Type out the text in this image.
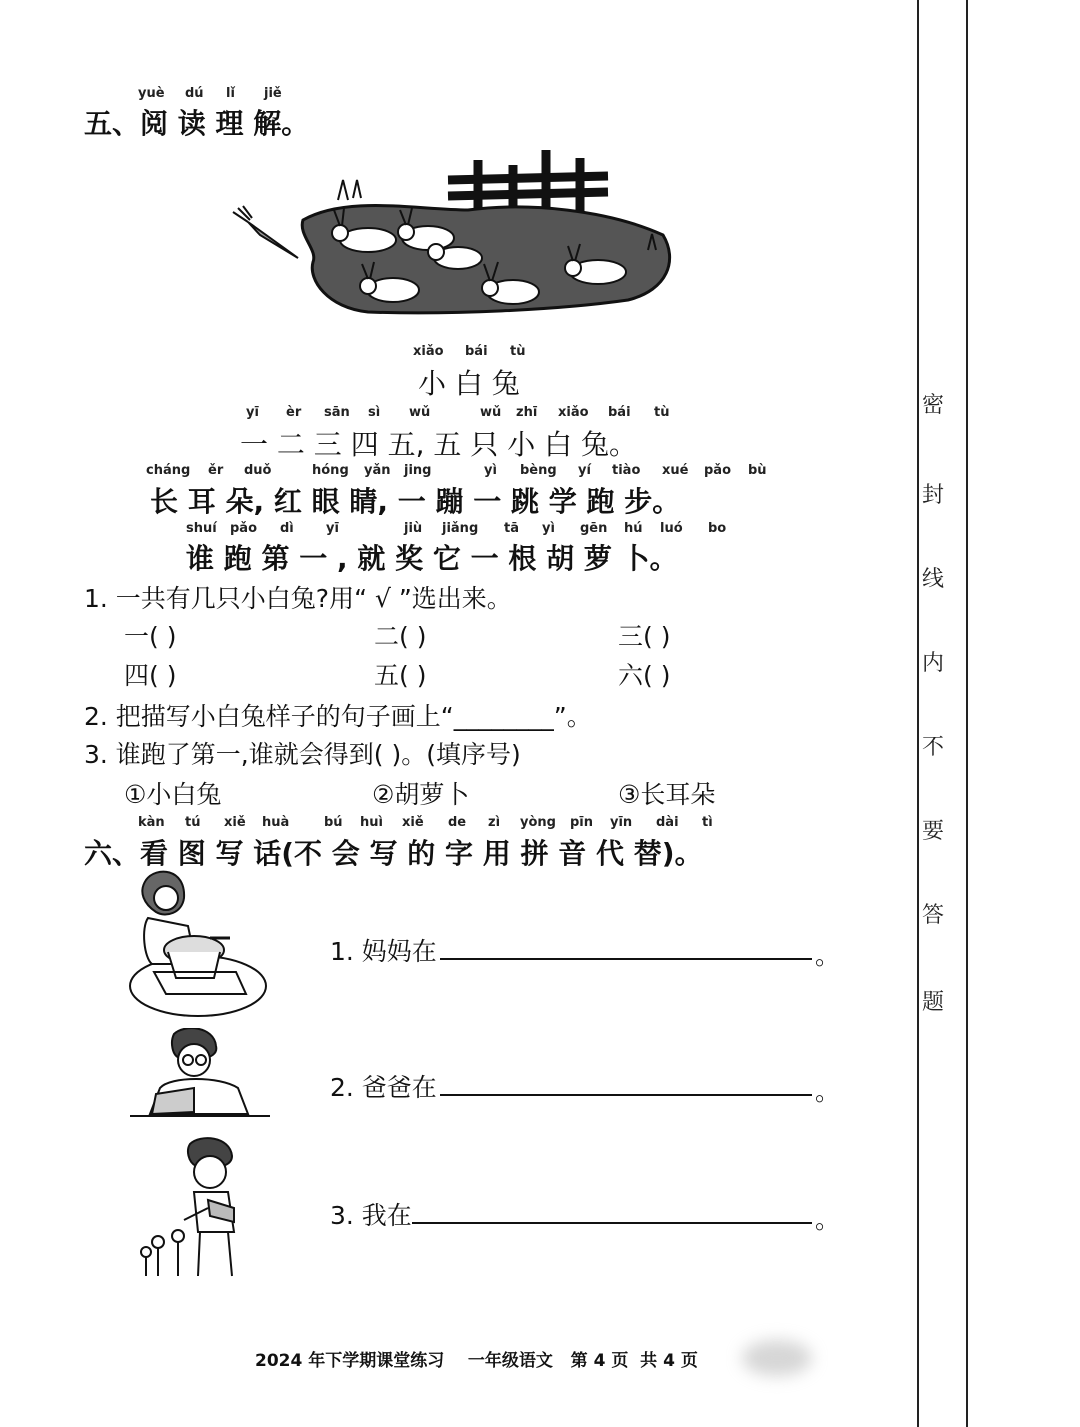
密
封
线
内
不
要
答
题
yuè dú lǐ jiě
五、阅 读 理 解。
xiǎo bái tù
小 白 兔
yī èr sān sì wǔ	wǔ zhī xiǎo bái tù
一 二 三 四 五, 五 只 小 白 兔。
cháng ěr duǒ	hóng yǎn jing	yì bèng yí tiào xué pǎo bù
长 耳 朵, 红 眼 睛, 一 蹦 一 跳 学 跑 步。
shuí pǎo dì yī	jiù jiǎng tā yì gēn hú luó bo
谁 跑 第 一 , 就 奖 它 一 根 胡 萝 卜。
1. 一共有几只小白兔?用“ √ ”选出来。
一( )	二( )	三( )
四( )	五( )	六( )
2. 把描写小白兔样子的句子画上“________”。
3. 谁跑了第一,谁就会得到( )。(填序号)
①小白兔	②胡萝卜	③长耳朵
kàn tú xiě huà	bú huì xiě de zì yòng pīn yīn dài tì
六、看 图 写 话(不 会 写 的 字 用 拼 音 代 替)。
1. 妈妈在	。
2. 爸爸在	。
3. 我在	。
2024 年下学期课堂练习    一年级语文   第 4 页  共 4 页
